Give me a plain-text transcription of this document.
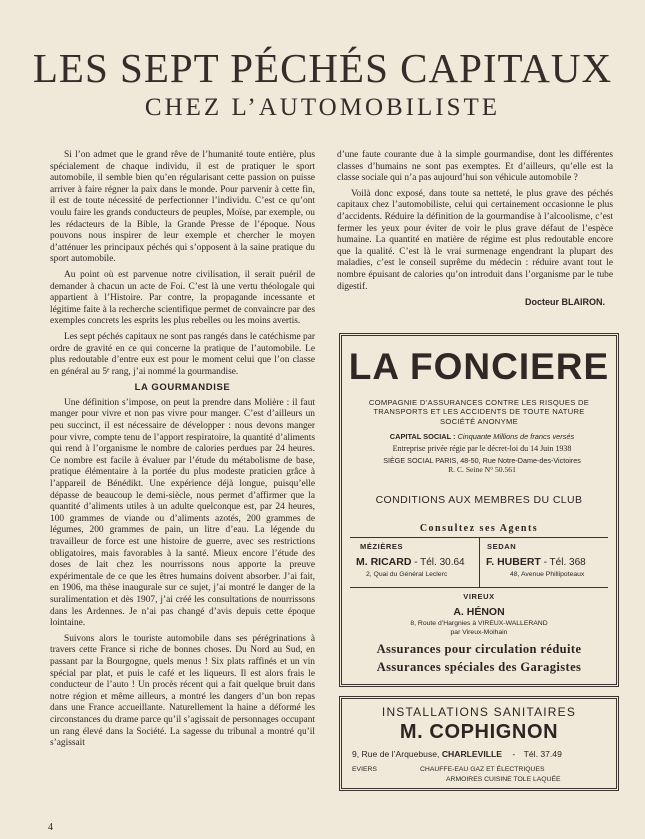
LES SEPT PÉCHÉS CAPITAUX
CHEZ L’AUTOMOBILISTE

Si l’on admet que le grand rêve de l’humanité toute entière, plus spécialement de chaque individu, il est de pratiquer le sport automobile, il semble bien qu’en régularisant cette passion on puisse arriver à faire régner la paix dans le monde. Pour parvenir à cette fin, il est de toute nécessité de perfectionner l’individu. C’est ce qu’ont voulu faire les grands conducteurs de peuples, Moïse, par exemple, ou les rédacteurs de la Bible, la Grande Presse de l’époque. Nous pouvons nous inspirer de leur exemple et chercher le moyen d’atténuer les principaux péchés qui s’opposent à la saine pratique du sport automobile.

Au point où est parvenue notre civilisation, il serait puéril de demander à chacun un acte de Foi. C’est là une vertu théologale qui appartient à l’Histoire. Par contre, la propagande incessante et légitime faite à la recherche scientifique permet de convaincre par des exemples concrets les esprits les plus rebelles ou les moins avertis.

Les sept péchés capitaux ne sont pas rangés dans le catéchisme par ordre de gravité en ce qui concerne la pratique de l’automobile. Le plus redoutable d’entre eux est pour le moment celui que l’on classe en général au 5ᵉ rang, j’ai nommé la gourmandise.

LA GOURMANDISE

Une définition s’impose, on peut la prendre dans Molière : il faut manger pour vivre et non pas vivre pour manger. C’est d’ailleurs un peu succinct, il est nécessaire de développer : nous devons manger pour vivre, compte tenu de l’apport respiratoire, la quantité d’aliments qui rend à l’organisme le nombre de calories perdues par 24 heures. Ce nombre est facile à évaluer par l’étude du métabolisme de base, pratique élémentaire à la portée du plus modeste praticien grâce à l’appareil de Bénédikt. Une expérience déjà longue, puisqu’elle dépasse de beaucoup le demi-siècle, nous permet d’affirmer que la quantité d’aliments utiles à un adulte quelconque est, par 24 heures, 100 grammes de viande ou d’aliments azotés, 200 grammes de légumes, 200 grammes de pain, un litre d’eau. La légende du travailleur de force est une histoire de guerre, avec ses restrictions obligatoires, mais favorables à la santé. Mieux encore l’étude des doses de lait chez les nourrissons nous apporte la preuve expérimentale de ce que les êtres humains doivent absorber. J’ai fait, en 1906, ma thèse inaugurale sur ce sujet, j’ai montré le danger de la suralimentation et dès 1907, j’ai créé les consultations de nourrissons dans les Ardennes. Je n’ai pas changé d’avis depuis cette époque lointaine.

Suivons alors le touriste automobile dans ses pérégrinations à travers cette France si riche de bonnes choses. Du Nord au Sud, en passant par la Bourgogne, quels menus ! Six plats raffinés et un vin spécial par plat, et puis le café et les liqueurs. Il est alors frais le conducteur de l’auto ! Un procès récent qui a fait quelque bruit dans notre région et même ailleurs, a montré les dangers d’un bon repas dans une France accueillante. Naturellement la haine a déformé les circonstances du drame parce qu’il s’agissait de personnages occupant un rang élevé dans la Société. La sagesse du tribunal a montré qu’il s’agissait

d’une faute courante due à la simple gourmandise, dont les différentes classes d’humains ne sont pas exemptes. Et d’ailleurs, qu’elle est la classe sociale qui n’a pas aujourd’hui son véhicule automobile ?

Voilà donc exposé, dans toute sa netteté, le plus grave des péchés capitaux chez l’automobiliste, celui qui certainement occasionne le plus d’accidents. Réduire la définition de la gourmandise à l’alcoolisme, c’est fermer les yeux pour éviter de voir le plus grave défaut de l’espèce humaine. La quantité en matière de régime est plus redoutable encore que la qualité. C’est là le vrai surmenage engendrant la plupart des maladies, c’est le conseil suprême du médecin : réduire avant tout le nombre épuisant de calories qu’on introduit dans l’organisme par le tube digestif.

Docteur BLAIRON.
LA FONCIERE
COMPAGNIE D’ASSURANCES CONTRE LES RISQUES DE
TRANSPORTS ET LES ACCIDENTS DE TOUTE NATURE
SOCIÉTÉ ANONYME
CAPITAL SOCIAL : Cinquante Millions de francs versés
Entreprise privée régie par le décret-loi du 14 Juin 1938
SIÈGE SOCIAL PARIS, 48-50, Rue Notre-Dame-des-Victoires
R. C. Seine N° 50.561
CONDITIONS AUX MEMBRES DU CLUB
Consultez ses Agents
MÉZIÈRES
M. RICARD - Tél. 30.64
2, Quai du Général Leclerc
SEDAN
F. HUBERT - Tél. 368
48, Avenue Phillipoteaux
VIREUX
A. HÉNON
8, Route d’Hargnies à VIREUX-WALLERAND
par Vireux-Molhain
Assurances pour circulation réduite
Assurances spéciales des Garagistes
INSTALLATIONS SANITAIRES
M. COPHIGNON
9, Rue de l’Arquebuse, CHARLEVILLE - Tél. 37.49
EVIERS	CHAUFFE-EAU GAZ ET ÉLECTRIQUES
ARMOIRES CUISINE TOLE LAQUÉE
4
